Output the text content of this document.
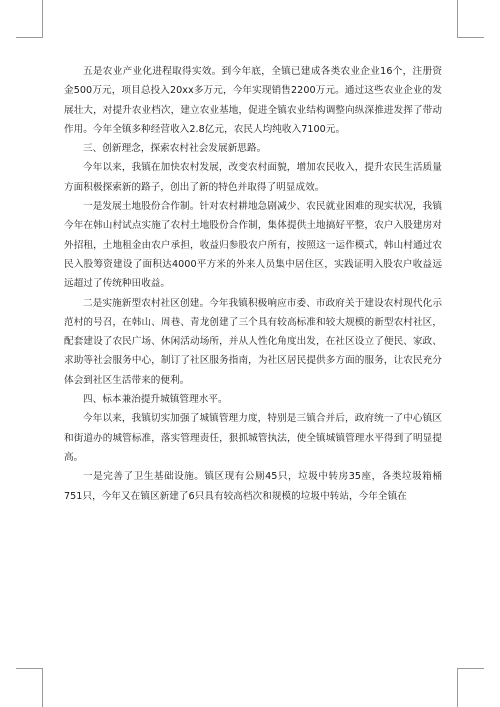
五是农业产业化进程取得实效。到今年底，全镇已建成各类农业企业16个，注册资金500万元，项目总投入20xx多万元，今年实现销售2200万元。通过这些农业企业的发展壮大，对提升农业档次，建立农业基地，促进全镇农业结构调整向纵深推进发挥了带动作用。今年全镇多种经营收入2.8亿元，农民人均纯收入7100元。

三、创新理念，探索农村社会发展新思路。

今年以来，我镇在加快农村发展，改变农村面貌，增加农民收入，提升农民生活质量方面积极探索新的路子，创出了新的特色并取得了明显成效。

一是发展土地股份合作制。针对农村耕地急剧减少、农民就业困难的现实状况，我镇今年在韩山村试点实施了农村土地股份合作制，集体提供土地搞好平整，农户入股建房对外招租，土地租金由农户承担，收益归参股农户所有，按照这一运作模式，韩山村通过农民入股筹资建设了面积达4000平方米的外来人员集中居住区，实践证明入股农户收益远远超过了传统种田收益。

二是实施新型农村社区创建。今年我镇积极响应市委、市政府关于建设农村现代化示范村的号召，在韩山、周巷、青龙创建了三个具有较高标准和较大规模的新型农村社区，配套建设了农民广场、休闲活动场所，并从人性化角度出发，在社区设立了便民、家政、求助等社会服务中心，制订了社区服务指南，为社区居民提供多方面的服务，让农民充分体会到社区生活带来的便利。

四、标本兼治提升城镇管理水平。

今年以来，我镇切实加强了城镇管理力度，特别是三镇合并后，政府统一了中心镇区和街道办的城管标准，落实管理责任，狠抓城管执法，使全镇城镇管理水平得到了明显提高。

一是完善了卫生基础设施。镇区现有公厕45只，垃圾中转房35座，各类垃圾箱桶751只，今年又在镇区新建了6只具有较高档次和规模的垃圾中转站，今年全镇在
